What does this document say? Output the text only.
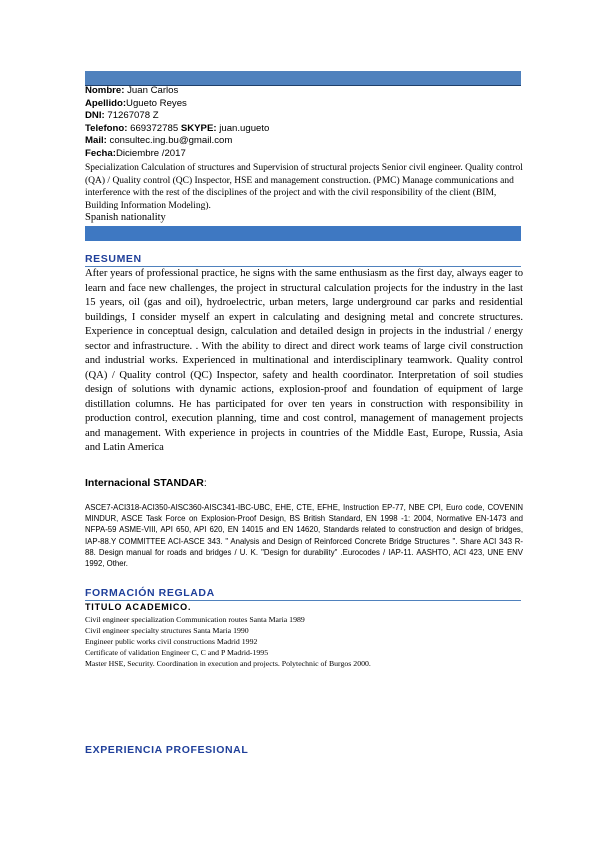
Nombre: Juan Carlos
Apellido:Ugueto Reyes
DNI: 71267078 Z
Telefono: 669372785 SKYPE: juan.ugueto
Mail: consultec.ing.bu@gmail.com
Fecha:Diciembre /2017
Specialization Calculation of structures and Supervision of structural projects Senior civil engineer. Quality control (QA) / Quality control (QC) Inspector, HSE and management construction. (PMC) Manage communications and interference with the rest of the disciplines of the project and with the civil responsibility of the client (BIM, Building Information Modeling).
Spanish nationality
RESUMEN
After years of professional practice, he signs with the same enthusiasm as the first day, always eager to learn and face new challenges, the project in structural calculation projects for the industry in the last 15 years, oil (gas and oil), hydroelectric, urban meters, large underground car parks and residential buildings, I consider myself an expert in calculating and designing metal and concrete structures. Experience in conceptual design, calculation and detailed design in projects in the industrial / energy sector and infrastructure. . With the ability to direct and direct work teams of large civil construction and industrial works. Experienced in multinational and interdisciplinary teamwork. Quality control (QA) / Quality control (QC) Inspector, safety and health coordinator. Interpretation of soil studies design of solutions with dynamic actions, explosion-proof and foundation of equipment of large distillation columns. He has participated for over ten years in construction with responsibility in production control, execution planning, time and cost control, management of management projects and management. With experience in projects in countries of the Middle East, Europe, Russia, Asia and Latin America
Internacional STANDAR:
ASCE7-ACI318-ACI350-AISC360-AISC341-IBC-UBC, EHE, CTE, EFHE, Instruction EP-77, NBE CPI, Euro code, COVENIN MINDUR, ASCE Task Force on Explosion-Proof Design, BS British Standard, EN 1998 -1: 2004, Normative EN-1473 and NFPA-59 ASME-VIII, API 650, API 620, EN 14015 and EN 14620, Standards related to construction and design of bridges, IAP-88.Y COMMITTEE ACI-ASCE 343. " Analysis and Design of Reinforced Concrete Bridge Structures ". Share ACI 343 R-88. Design manual for roads and bridges / U. K. "Design for durability" .Eurocodes / IAP-11. AASHTO, ACI 423, UNE ENV 1992, Other.
FORMACIÓN REGLADA
TITULO ACADEMICO.
Civil engineer specialization Communication routes Santa Maria 1989
Civil engineer specialty structures Santa Maria 1990
Engineer public works civil constructions Madrid 1992
Certificate of validation Engineer C, C and P Madrid-1995
Master HSE, Security. Coordination in execution and projects. Polytechnic of Burgos 2000.
EXPERIENCIA PROFESIONAL
